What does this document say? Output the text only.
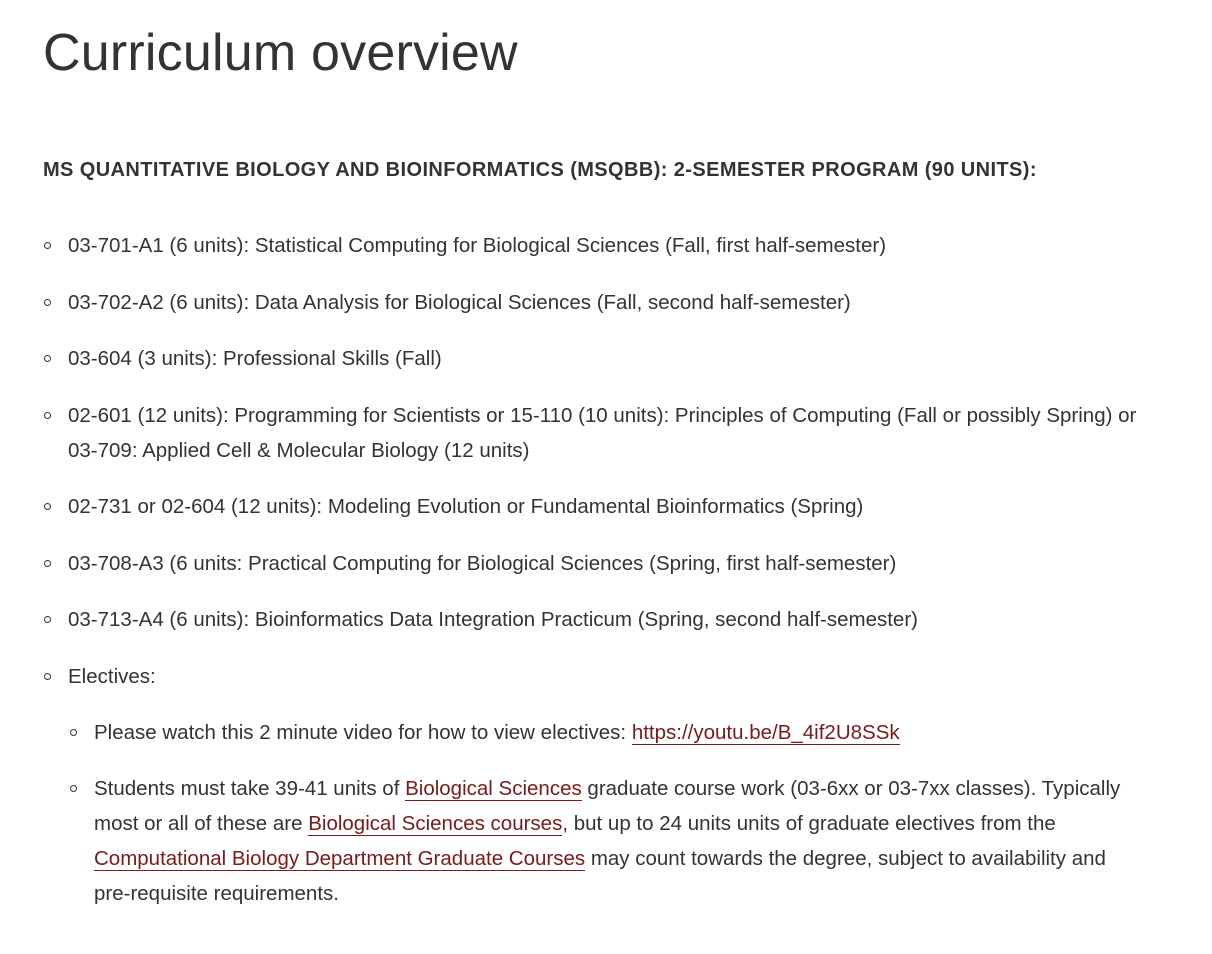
Curriculum overview
MS QUANTITATIVE BIOLOGY AND BIOINFORMATICS (MSQBB): 2-SEMESTER PROGRAM (90 UNITS):
03-701-A1 (6 units): Statistical Computing for Biological Sciences (Fall, first half-semester)
03-702-A2 (6 units): Data Analysis for Biological Sciences (Fall, second half-semester)
03-604 (3 units): Professional Skills (Fall)
02-601 (12 units): Programming for Scientists or 15-110 (10 units): Principles of Computing (Fall or possibly Spring) or 03-709: Applied Cell & Molecular Biology (12 units)
02-731 or 02-604 (12 units): Modeling Evolution or Fundamental Bioinformatics (Spring)
03-708-A3 (6 units: Practical Computing for Biological Sciences (Spring, first half-semester)
03-713-A4 (6 units): Bioinformatics Data Integration Practicum (Spring, second half-semester)
Electives:
Please watch this 2 minute video for how to view electives: https://youtu.be/B_4if2U8SSk
Students must take 39-41 units of Biological Sciences graduate course work (03-6xx or 03-7xx classes). Typically most or all of these are Biological Sciences courses, but up to 24 units units of graduate electives from the Computational Biology Department Graduate Courses may count towards the degree, subject to availability and pre-requisite requirements.
